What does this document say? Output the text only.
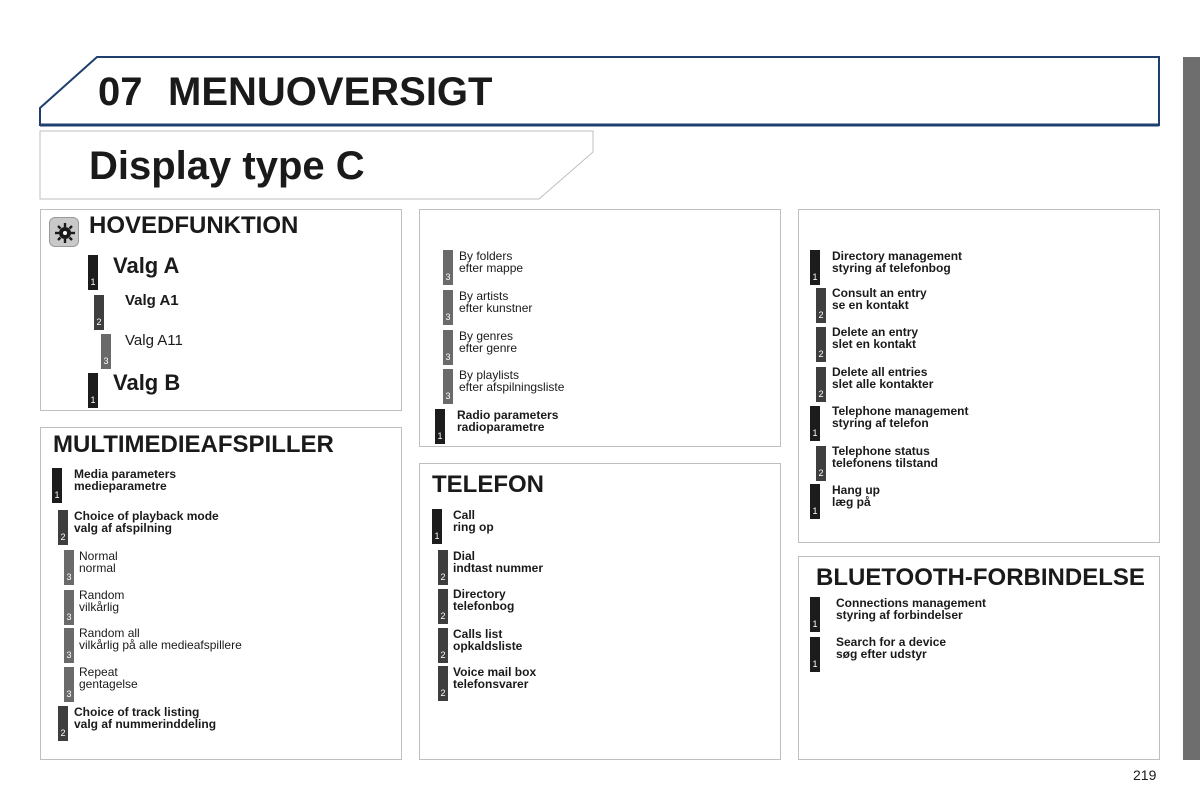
07 MENUOVERSIGT
Display type C
HOVEDFUNKTION
1
Valg A
2
Valg A1
3
Valg A11
1
Valg B
MULTIMEDIEAFSPILLER
1
Media parameters
medieparametre
2
Choice of playback mode
valg af afspilning
3
Normal
normal
3
Random
vilkårlig
3
Random all
vilkårlig på alle medieafspillere
3
Repeat
gentagelse
2
Choice of track listing
valg af nummerinddeling
3
By folders
efter mappe
3
By artists
efter kunstner
3
By genres
efter genre
3
By playlists
efter afspilningsliste
1
Radio parameters
radioparametre
TELEFON
1
Call
ring op
2
Dial
indtast nummer
2
Directory
telefonbog
2
Calls list
opkaldsliste
2
Voice mail box
telefonsvarer
1
Directory management
styring af telefonbog
2
Consult an entry
se en kontakt
2
Delete an entry
slet en kontakt
2
Delete all entries
slet alle kontakter
1
Telephone management
styring af telefon
2
Telephone status
telefonens tilstand
1
Hang up
læg på
BLUETOOTH-FORBINDELSE
1
Connections management
styring af forbindelser
1
Search for a device
søg efter udstyr
219
